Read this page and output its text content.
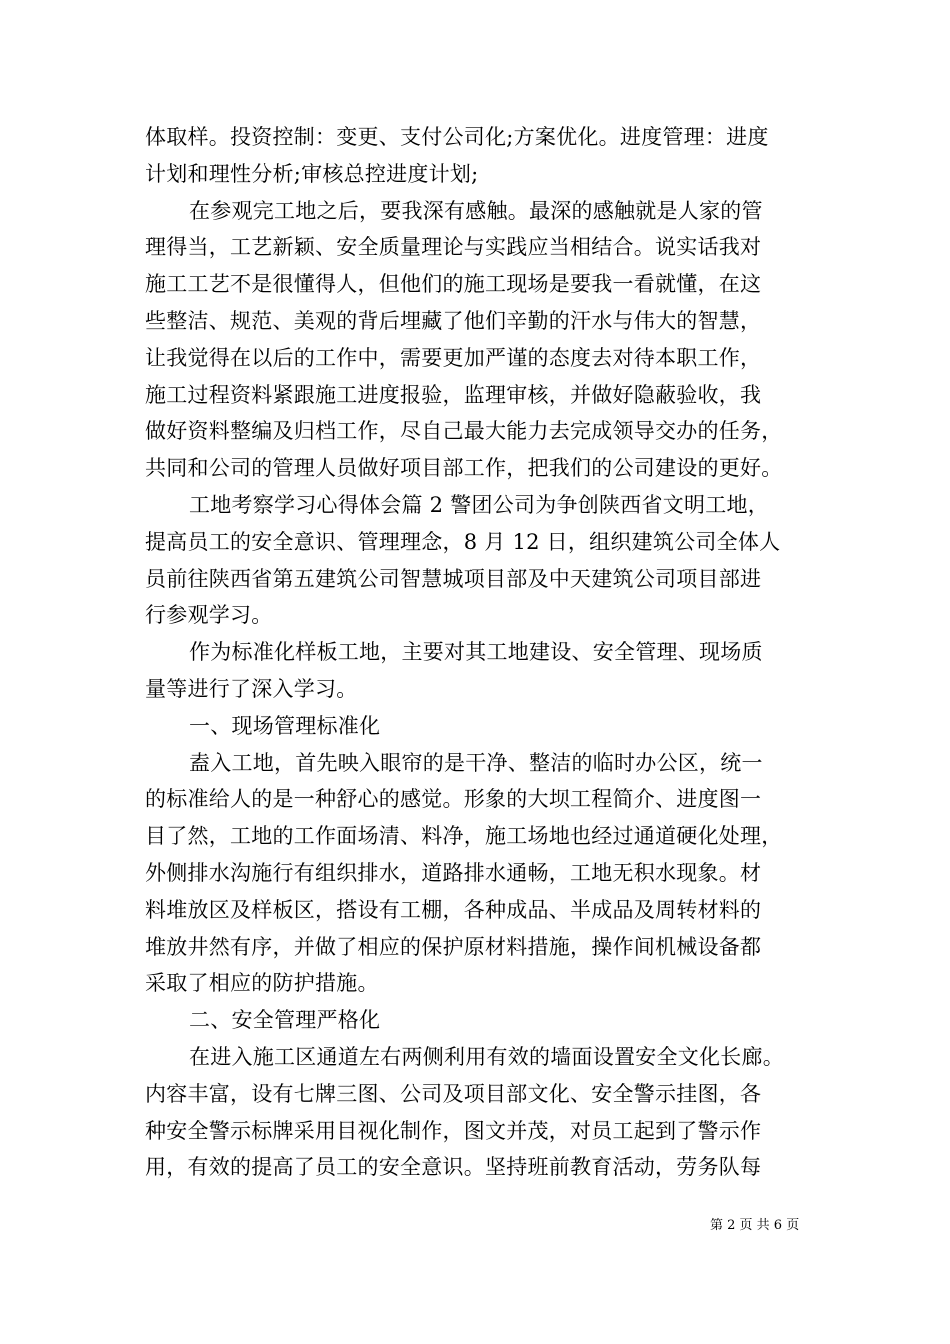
体取样。投资控制：变更、支付公司化;方案优化。进度管理：进度
计划和理性分析;审核总控进度计划;
在参观完工地之后，要我深有感触。最深的感触就是人家的管
理得当，工艺新颖、安全质量理论与实践应当相结合。说实话我对
施工工艺不是很懂得人，但他们的施工现场是要我一看就懂，在这
些整洁、规范、美观的背后埋藏了他们辛勤的汗水与伟大的智慧，
让我觉得在以后的工作中，需要更加严谨的态度去对待本职工作，
施工过程资料紧跟施工进度报验，监理审核，并做好隐蔽验收，我
做好资料整编及归档工作，尽自己最大能力去完成领导交办的任务，
共同和公司的管理人员做好项目部工作，把我们的公司建设的更好。
工地考察学习心得体会篇 2 警团公司为争创陕西省文明工地，
提高员工的安全意识、管理理念，8 月 12 日，组织建筑公司全体人
员前往陕西省第五建筑公司智慧城项目部及中天建筑公司项目部进
行参观学习。
作为标准化样板工地，主要对其工地建设、安全管理、现场质
量等进行了深入学习。
一、现场管理标准化
盍入工地，首先映入眼帘的是干净、整洁的临时办公区，统一
的标准给人的是一种舒心的感觉。形象的大坝工程简介、进度图一
目了然，工地的工作面场清、料净，施工场地也经过通道硬化处理，
外侧排水沟施行有组织排水，道路排水通畅，工地无积水现象。材
料堆放区及样板区，搭设有工棚，各种成品、半成品及周转材料的
堆放井然有序，并做了相应的保护原材料措施，操作间机械设备都
采取了相应的防护措施。
二、安全管理严格化
在进入施工区通道左右两侧利用有效的墙面设置安全文化长廊。
内容丰富，设有七牌三图、公司及项目部文化、安全警示挂图，各
种安全警示标牌采用目视化制作，图文并茂，对员工起到了警示作
用，有效的提高了员工的安全意识。坚持班前教育活动，劳务队每
第 2 页 共 6 页
